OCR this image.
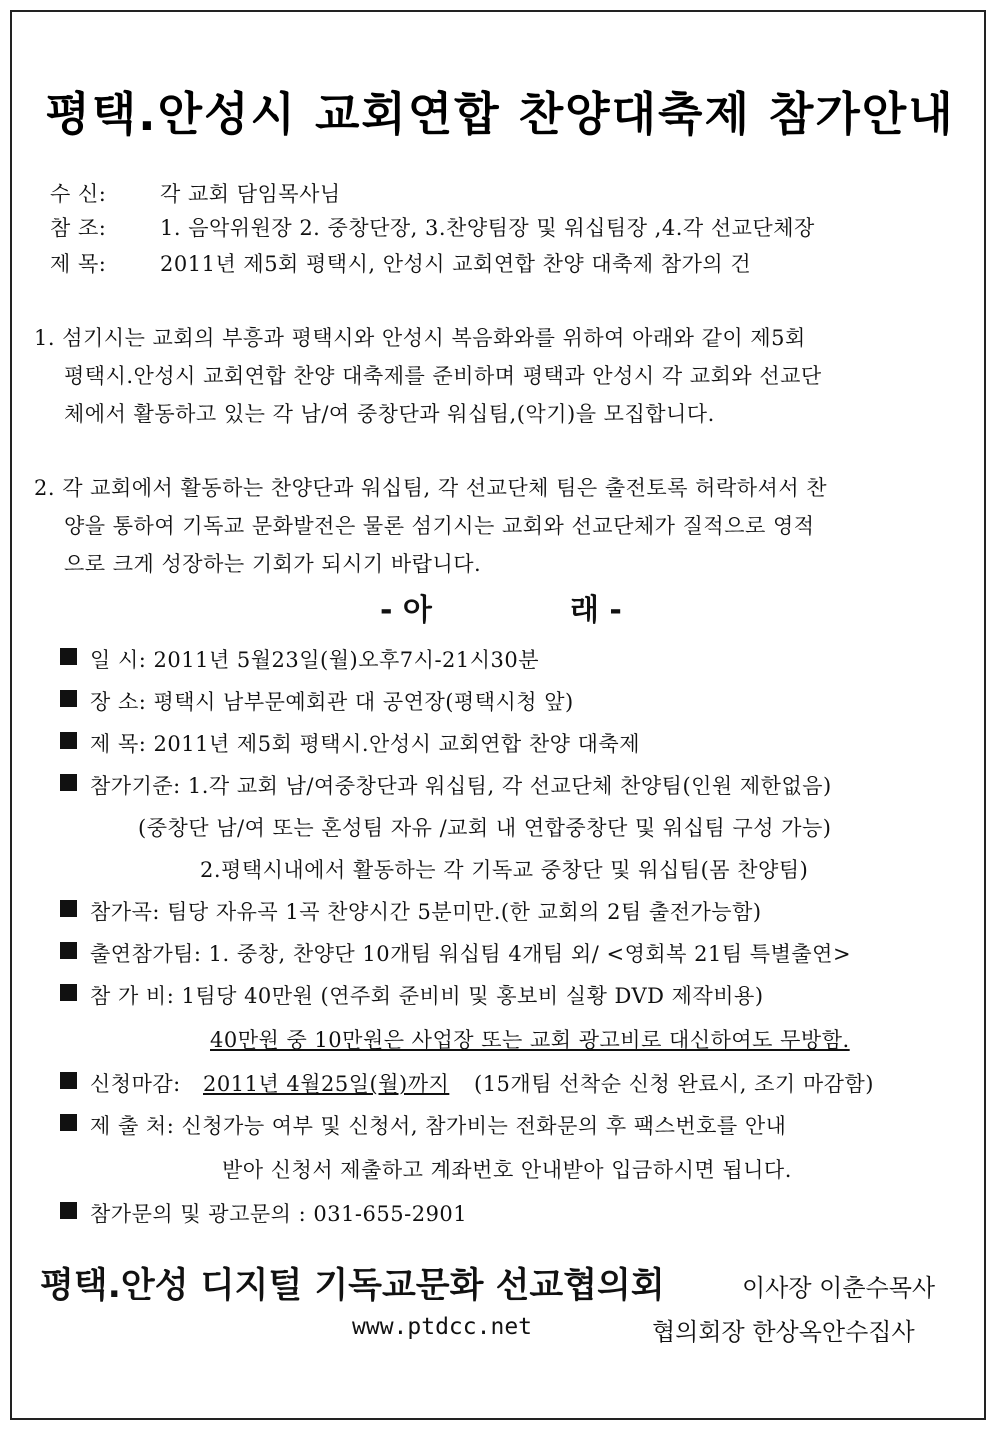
평택.안성시 교회연합 찬양대축제 참가안내
수 신:	각 교회 담임목사님
참 조:	1. 음악위원장 2. 중창단장, 3.찬양팀장 및 워십팀장 ,4.각 선교단체장
제 목:	2011년 제5회 평택시, 안성시 교회연합 찬양 대축제 참가의 건
1. 섬기시는 교회의 부흥과 평택시와 안성시 복음화와를 위하여 아래와 같이 제5회
평택시.안성시 교회연합 찬양 대축제를 준비하며 평택과 안성시 각 교회와 선교단
체에서 활동하고 있는 각 남/여 중창단과 워십팀,(악기)을 모집합니다.
2. 각 교회에서 활동하는 찬양단과 워십팀, 각 선교단체 팀은 출전토록 허락하셔서 찬
양을 통하여 기독교 문화발전은 물론 섬기시는 교회와 선교단체가 질적으로 영적
으로 크게 성장하는 기회가 되시기 바랍니다.
- 아	래 -
일 시: 2011년 5월23일(월)오후7시-21시30분
장 소: 평택시 남부문예회관 대 공연장(평택시청 앞)
제 목: 2011년 제5회 평택시.안성시 교회연합 찬양 대축제
참가기준: 1.각 교회 남/여중창단과 워십팀, 각 선교단체 찬양팀(인원 제한없음)
(중창단 남/여 또는 혼성팀 자유 /교회 내 연합중창단 및 워십팀 구성 가능)
2.평택시내에서 활동하는 각 기독교 중창단 및 워십팀(몸 찬양팀)
참가곡: 팀당 자유곡 1곡 찬양시간 5분미만.(한 교회의 2팀 출전가능함)
출연참가팀: 1. 중창, 찬양단 10개팀 워십팀 4개팀 외/ <영회복 21팀 특별출연>
참 가 비: 1팀당 40만원 (연주회 준비비 및 홍보비 실황 DVD 제작비용)
40만원 중 10만원은 사업장 또는 교회 광고비로 대신하여도 무방함.
신청마감: 2011년 4월25일(월)까지 (15개팀 선착순 신청 완료시, 조기 마감함)
제 출 처: 신청가능 여부 및 신청서, 참가비는 전화문의 후 팩스번호를 안내
받아 신청서 제출하고 계좌번호 안내받아 입금하시면 됩니다.
참가문의 및 광고문의 : 031-655-2901
평택.안성 디지털 기독교문화 선교협의회	이사장 이춘수목사
www.ptdcc.net	협의회장 한상옥안수집사
